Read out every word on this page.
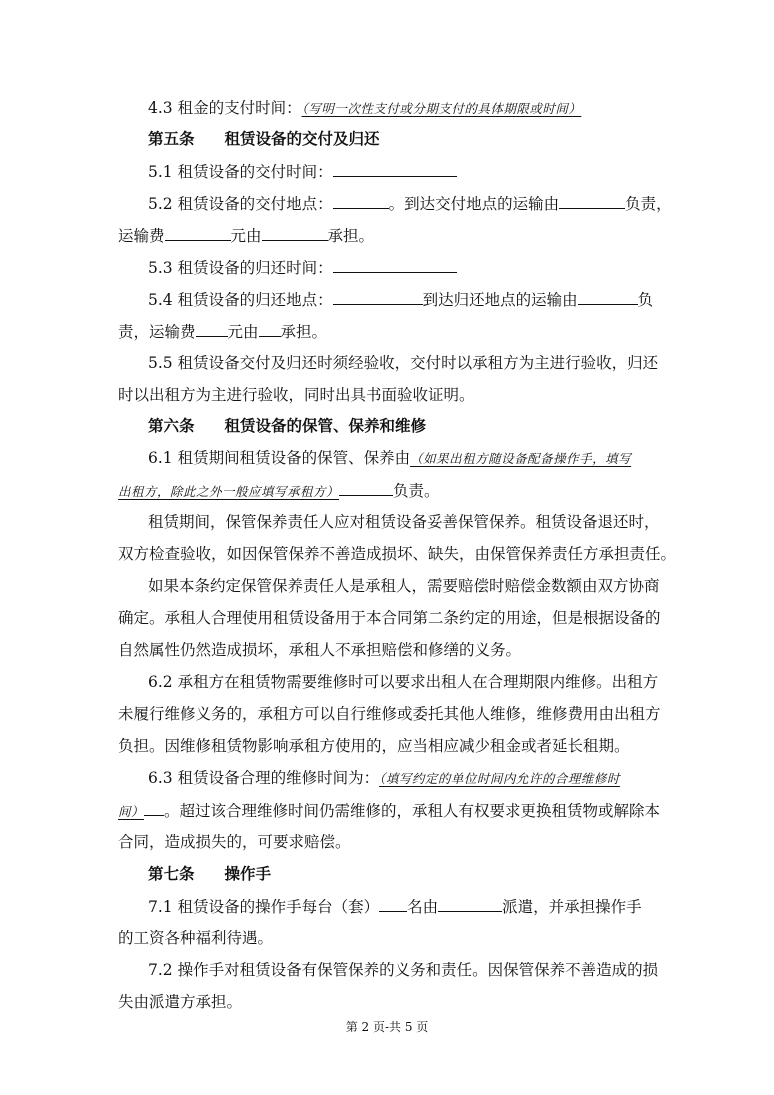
4.3 租金的支付时间：（写明一次性支付或分期支付的具体期限或时间）
第五条 租赁设备的交付及归还
5.1 租赁设备的交付时间：
5.2 租赁设备的交付地点：	。到达交付地点的运输由	负责，
运输费	元由	承担。
5.3 租赁设备的归还时间：
5.4 租赁设备的归还地点：	到达归还地点的运输由	负
责，运输费 元由 承担。
5.5 租赁设备交付及归还时须经验收，交付时以承租方为主进行验收，归还
时以出租方为主进行验收，同时出具书面验收证明。
第六条 租赁设备的保管、保养和维修
6.1 租赁期间租赁设备的保管、保养由（如果出租方随设备配备操作手，填写
出租方，除此之外一般应填写承租方）	负责。
租赁期间，保管保养责任人应对租赁设备妥善保管保养。租赁设备退还时，
双方检查验收，如因保管保养不善造成损坏、缺失，由保管保养责任方承担责任。
如果本条约定保管保养责任人是承租人，需要赔偿时赔偿金数额由双方协商
确定。承租人合理使用租赁设备用于本合同第二条约定的用途，但是根据设备的
自然属性仍然造成损坏，承租人不承担赔偿和修缮的义务。
6.2 承租方在租赁物需要维修时可以要求出租人在合理期限内维修。出租方
未履行维修义务的，承租方可以自行维修或委托其他人维修，维修费用由出租方
负担。因维修租赁物影响承租方使用的，应当相应减少租金或者延长租期。
6.3 租赁设备合理的维修时间为：（填写约定的单位时间内允许的合理维修时
间） 。超过该合理维修时间仍需维修的，承租人有权要求更换租赁物或解除本
合同，造成损失的，可要求赔偿。
第七条 操作手
7.1 租赁设备的操作手每台（套） 名由	派遣，并承担操作手
的工资各种福利待遇。
7.2 操作手对租赁设备有保管保养的义务和责任。因保管保养不善造成的损
失由派遣方承担。
第 2 页-共 5 页
